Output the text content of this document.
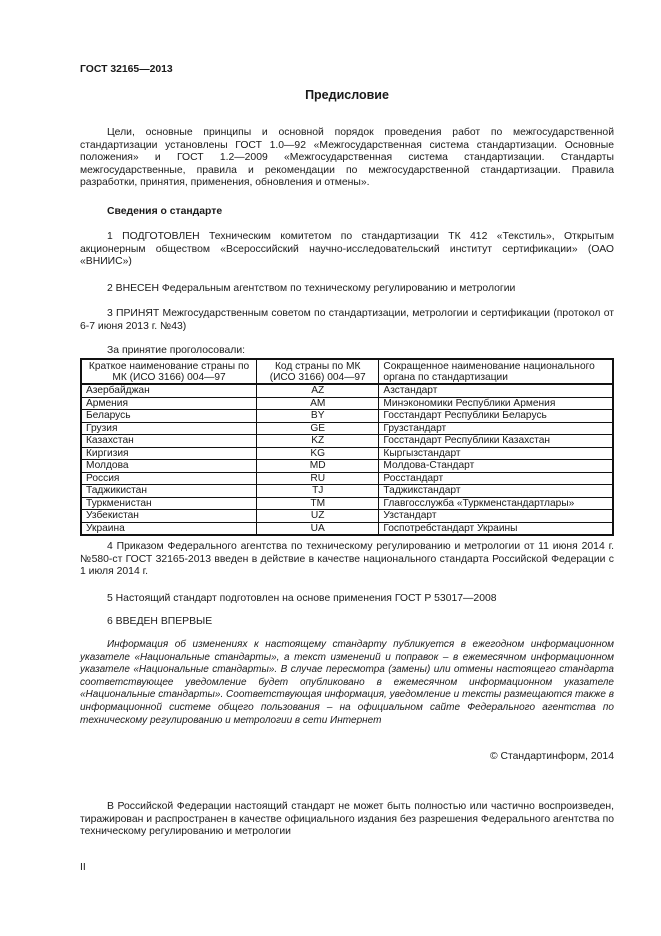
ГОСТ 32165—2013
Предисловие

Цели, основные принципы и основной порядок проведения работ по межгосударственной стандартизации установлены ГОСТ 1.0—92 «Межгосударственная система стандартизации. Основные положения» и ГОСТ 1.2—2009 «Межгосударственная система стандартизации. Стандарты межгосударственные, правила и рекомендации по межгосударственной стандартизации. Правила разработки, принятия, применения, обновления и отмены».

Сведения о стандарте

1 ПОДГОТОВЛЕН Техническим комитетом по стандартизации ТК 412 «Текстиль», Открытым акционерным обществом «Всероссийский научно-исследовательский институт сертификации» (ОАО «ВНИИС»)

2 ВНЕСЕН Федеральным агентством по техническому регулированию и метрологии

3 ПРИНЯТ Межгосударственным советом по стандартизации, метрологии и сертификации (протокол от 6-7 июня 2013 г. №43)

За принятие проголосовали:
Краткое наименование страны по МК (ИСО 3166) 004—97	Код страны по МК (ИСО 3166) 004—97	Сокращенное наименование национального органа по стандартизации
Азербайджан	AZ	Азстандарт
Армения	AM	Минэкономики Республики Армения
Беларусь	BY	Госстандарт Республики Беларусь
Грузия	GE	Грузстандарт
Казахстан	KZ	Госстандарт Республики Казахстан
Киргизия	KG	Кыргызстандарт
Молдова	MD	Молдова-Стандарт
Россия	RU	Росстандарт
Таджикистан	TJ	Таджикстандарт
Туркменистан	TM	Главгосслужба «Туркменстандартлары»
Узбекистан	UZ	Узстандарт
Украина	UA	Госпотребстандарт Украины

4 Приказом Федерального агентства по техническому регулированию и метрологии от 11 июня 2014 г. №580-ст ГОСТ 32165-2013 введен в действие в качестве национального стандарта Российской Федерации с 1 июля 2014 г.

5 Настоящий стандарт подготовлен на основе применения ГОСТ Р 53017—2008

6 ВВЕДЕН ВПЕРВЫЕ

Информация об изменениях к настоящему стандарту публикуется в ежегодном информационном указателе «Национальные стандарты», а текст изменений и поправок – в ежемесячном информационном указателе «Национальные стандарты». В случае пересмотра (замены) или отмены настоящего стандарта соответствующее уведомление будет опубликовано в ежемесячном информационном указателе «Национальные стандарты». Соответствующая информация, уведомление и тексты размещаются также в информационной системе общего пользования – на официальном сайте Федерального агентства по техническому регулированию и метрологии в сети Интернет

© Стандартинформ, 2014

В Российской Федерации настоящий стандарт не может быть полностью или частично воспроизведен, тиражирован и распространен в качестве официального издания без разрешения Федерального агентства по техническому регулированию и метрологии

II
